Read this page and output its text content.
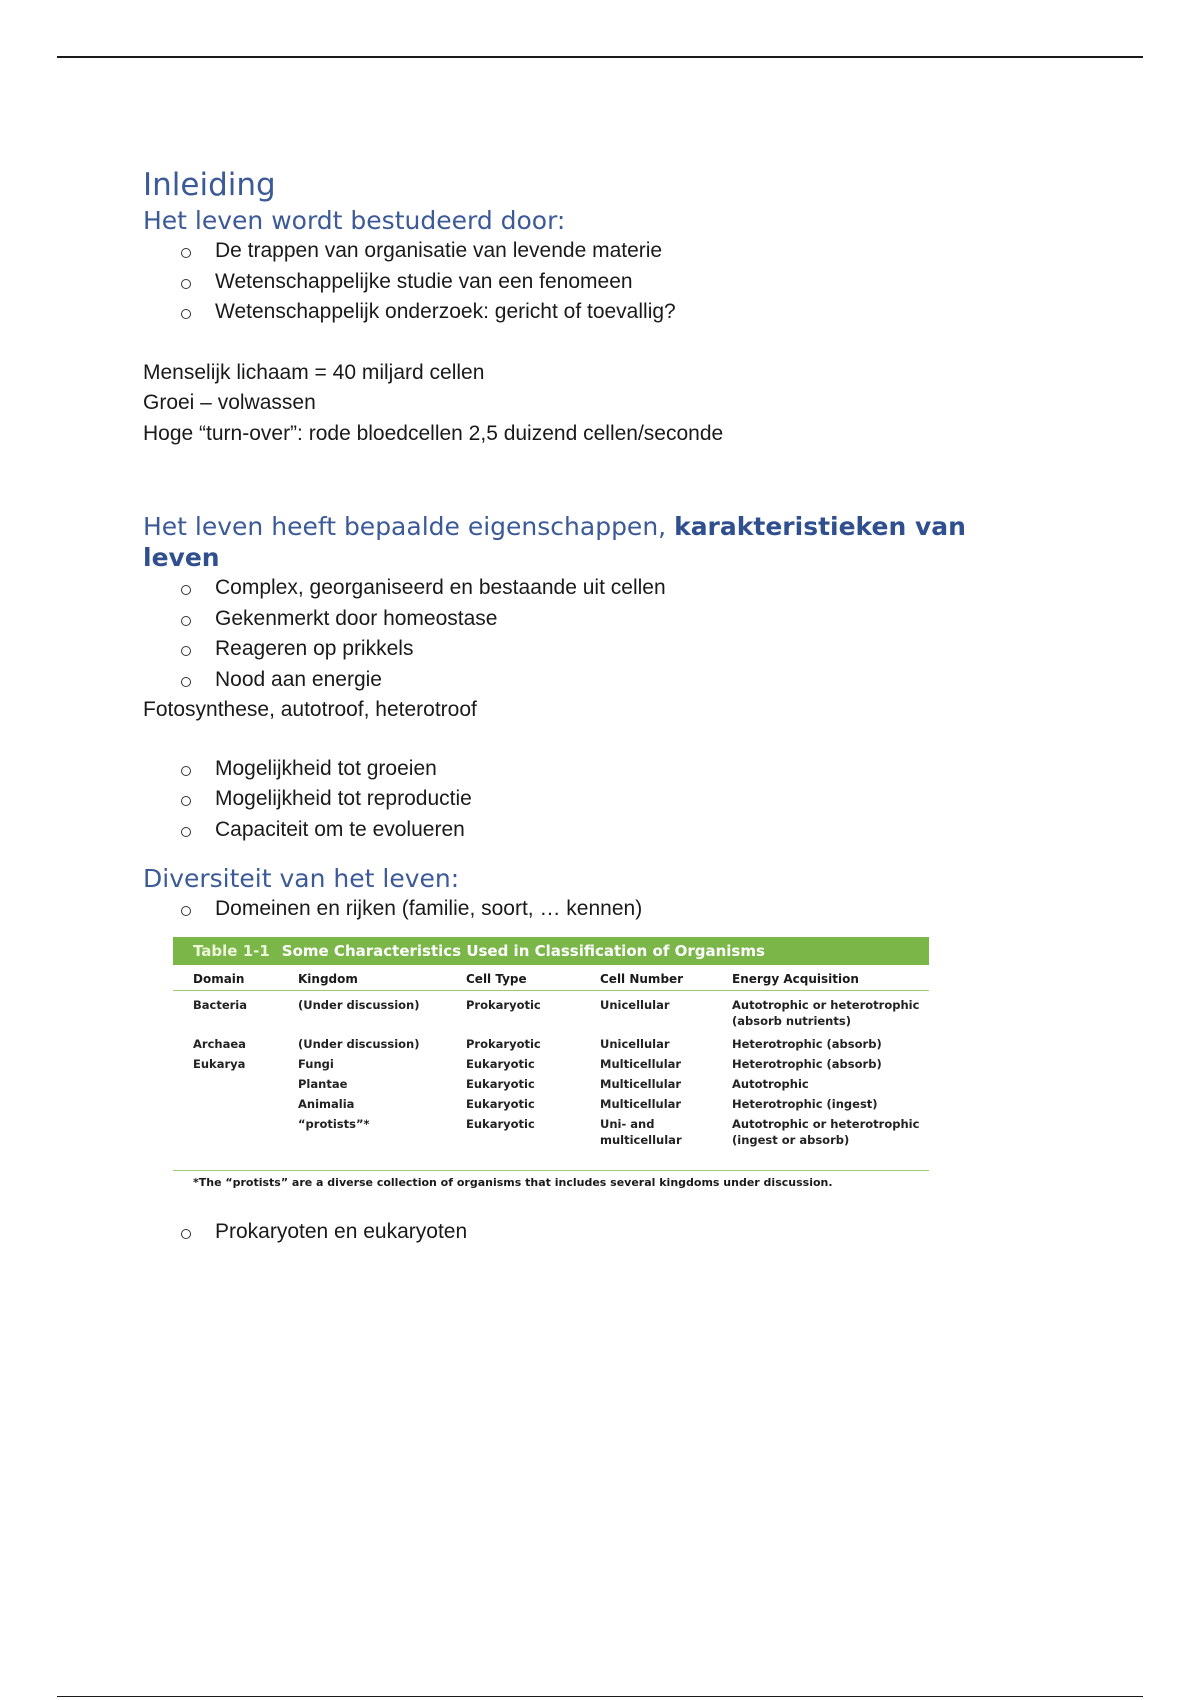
Inleiding
Het leven wordt bestudeerd door:
De trappen van organisatie van levende materie
Wetenschappelijke studie van een fenomeen
Wetenschappelijk onderzoek: gericht of toevallig?

Menselijk lichaam = 40 miljard cellen

Groei – volwassen

Hoge “turn-over”: rode bloedcellen 2,5 duizend cellen/seconde

Het leven heeft bepaalde eigenschappen, karakteristieken van leven
Complex, georganiseerd en bestaande uit cellen
Gekenmerkt door homeostase
Reageren op prikkels
Nood aan energie

Fotosynthese, autotroof, heterotroof

Mogelijkheid tot groeien
Mogelijkheid tot reproductie
Capaciteit om te evolueren
Diversiteit van het leven:
Domeinen en rijken (familie, soort, … kennen)
Table 1-1 Some Characteristics Used in Classification of Organisms
Domain	Kingdom	Cell Type	Cell Number	Energy Acquisition
Bacteria	(Under discussion)	Prokaryotic	Unicellular	Autotrophic or heterotrophic (absorb nutrients)
Archaea	(Under discussion)	Prokaryotic	Unicellular	Heterotrophic (absorb)
Eukarya	Fungi	Eukaryotic	Multicellular	Heterotrophic (absorb)
	Plantae	Eukaryotic	Multicellular	Autotrophic
	Animalia	Eukaryotic	Multicellular	Heterotrophic (ingest)
	“protists”*	Eukaryotic	Uni- and multicellular	Autotrophic or heterotrophic (ingest or absorb)
*The “protists” are a diverse collection of organisms that includes several kingdoms under discussion.
Prokaryoten en eukaryoten
